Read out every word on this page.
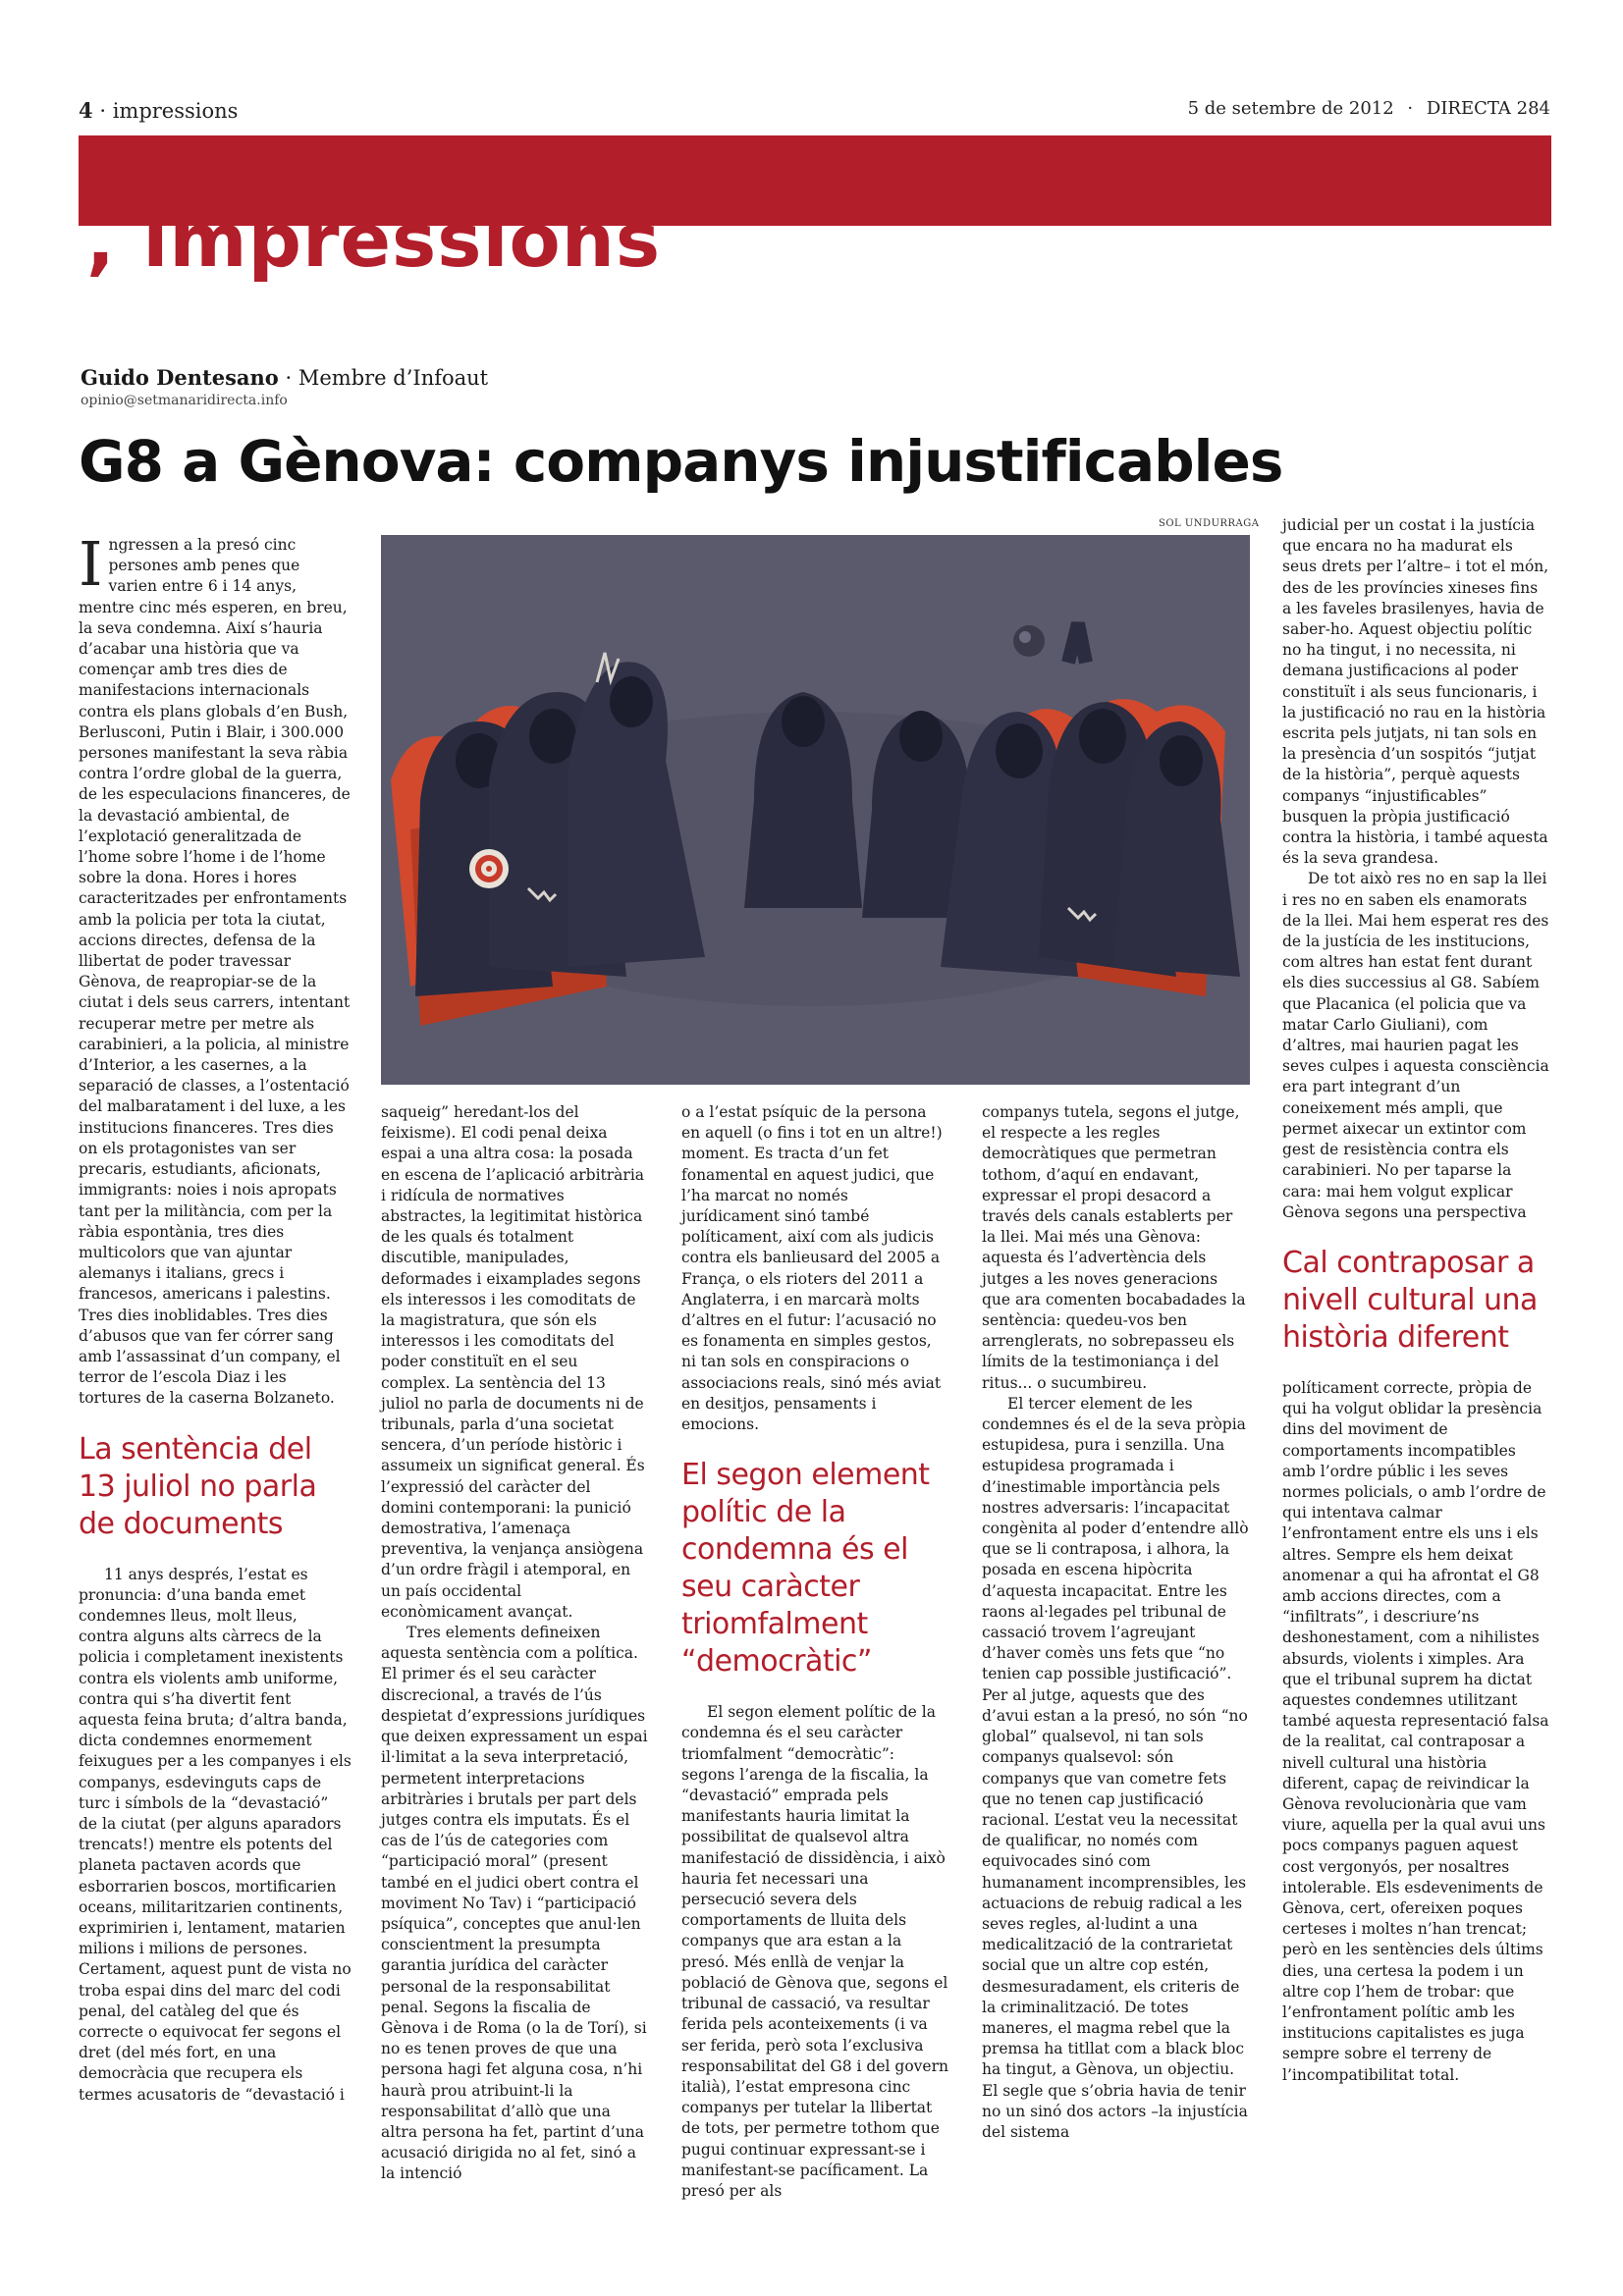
4 · impressions	5 de setembre de 2012 · DIRECTA 284
, impressions
Guido Dentesano · Membre d’Infoaut
opinio@setmanaridirecta.info
G8 a Gènova: companys injustificables
SOL UNDURRAGA

Ingressen a la presó cinc persones amb penes que varien entre 6 i 14 anys, mentre cinc més esperen, en breu, la seva condemna. Així s’hauria d’acabar una història que va començar amb tres dies de manifestacions internacionals contra els plans globals d’en Bush, Berlusconi, Putin i Blair, i 300.000 persones manifestant la seva ràbia contra l’ordre global de la guerra, de les especulacions financeres, de la devastació ambiental, de l’explotació generalitzada de l’home sobre l’home i de l’home sobre la dona. Hores i hores caracteritzades per enfrontaments amb la policia per tota la ciutat, accions directes, defensa de la llibertat de poder travessar Gènova, de reapropiar-se de la ciutat i dels seus carrers, intentant recuperar metre per metre als carabinieri, a la policia, al ministre d’Interior, a les casernes, a la separació de classes, a l’ostentació del malbaratament i del luxe, a les institucions financeres. Tres dies on els protagonistes van ser precaris, estudiants, aficionats, immigrants: noies i nois apropats tant per la militància, com per la ràbia espontània, tres dies multicolors que van ajuntar alemanys i italians, grecs i francesos, americans i palestins. Tres dies inoblidables. Tres dies d’abusos que van fer córrer sang amb l’assassinat d’un company, el terror de l’escola Diaz i les tortures de la caserna Bolzaneto.

La sentència del 13 juliol no parla de documents

11 anys després, l’estat es pronuncia: d’una banda emet condemnes lleus, molt lleus, contra alguns alts càrrecs de la policia i completament inexistents contra els violents amb uniforme, contra qui s’ha divertit fent aquesta feina bruta; d’altra banda, dicta condemnes enormement feixugues per a les companyes i els companys, esdevinguts caps de turc i símbols de la “devastació” de la ciutat (per alguns aparadors trencats!) mentre els potents del planeta pactaven acords que esborrarien boscos, mortificarien oceans, militaritzarien continents, exprimirien i, lentament, matarien milions i milions de persones. Certament, aquest punt de vista no troba espai dins del marc del codi penal, del catàleg del que és correcte o equivocat fer segons el dret (del més fort, en una democràcia que recupera els termes acusatoris de “devastació i

saqueig” heredant-los del feixisme). El codi penal deixa espai a una altra cosa: la posada en escena de l’aplicació arbitrària i ridícula de normatives abstractes, la legitimitat històrica de les quals és totalment discutible, manipulades, deformades i eixamplades segons els interessos i les comoditats de la magistratura, que són els interessos i les comoditats del poder constituït en el seu complex. La sentència del 13 juliol no parla de documents ni de tribunals, parla d’una societat sencera, d’un període històric i assumeix un significat general. És l’expressió del caràcter del domini contemporani: la punició demostrativa, l’amenaça preventiva, la venjança ansiògena d’un ordre fràgil i atemporal, en un país occidental econòmicament avançat.

Tres elements defineixen aquesta sentència com a política. El primer és el seu caràcter discrecional, a través de l’ús despietat d’expressions jurídiques que deixen expressament un espai il·limitat a la seva interpretació, permetent interpretacions arbitràries i brutals per part dels jutges contra els imputats. És el cas de l’ús de categories com “participació moral” (present també en el judici obert contra el moviment No Tav) i “participació psíquica”, conceptes que anul·len conscientment la presumpta garantia jurídica del caràcter personal de la responsabilitat penal. Segons la fiscalia de Gènova i de Roma (o la de Torí), si no es tenen proves de que una persona hagi fet alguna cosa, n’hi haurà prou atribuint-li la responsabilitat d’allò que una altra persona ha fet, partint d’una acusació dirigida no al fet, sinó a la intenció

o a l’estat psíquic de la persona en aquell (o fins i tot en un altre!) moment. Es tracta d’un fet fonamental en aquest judici, que l’ha marcat no només jurídicament sinó també políticament, així com als judicis contra els banlieusard del 2005 a França, o els rioters del 2011 a Anglaterra, i en marcarà molts d’altres en el futur: l’acusació no es fonamenta en simples gestos, ni tan sols en conspiracions o associacions reals, sinó més aviat en desitjos, pensaments i emocions.

El segon element polític de la condemna és el seu caràcter triomfalment “democràtic”

El segon element polític de la condemna és el seu caràcter triomfalment “democràtic”: segons l’arenga de la fiscalia, la “devastació” emprada pels manifestants hauria limitat la possibilitat de qualsevol altra manifestació de dissidència, i això hauria fet necessari una persecució severa dels comportaments de lluita dels companys que ara estan a la presó. Més enllà de venjar la població de Gènova que, segons el tribunal de cassació, va resultar ferida pels aconteixements (i va ser ferida, però sota l’exclusiva responsabilitat del G8 i del govern italià), l’estat empresona cinc companys per tutelar la llibertat de tots, per permetre tothom que pugui continuar expressant-se i manifestant-se pacíficament. La presó per als

companys tutela, segons el jutge, el respecte a les regles democràtiques que permetran tothom, d’aquí en endavant, expressar el propi desacord a través dels canals establerts per la llei. Mai més una Gènova: aquesta és l’advertència dels jutges a les noves generacions que ara comenten bocabadades la sentència: quedeu-vos ben arrenglerats, no sobrepasseu els límits de la testimoniança i del ritus... o sucumbireu.

El tercer element de les condemnes és el de la seva pròpia estupidesa, pura i senzilla. Una estupidesa programada i d’inestimable importància pels nostres adversaris: l’incapacitat congènita al poder d’entendre allò que se li contraposa, i alhora, la posada en escena hipòcrita d’aquesta incapacitat. Entre les raons al·legades pel tribunal de cassació trovem l’agreujant d’haver comès uns fets que “no tenien cap possible justificació”. Per al jutge, aquests que des d’avui estan a la presó, no són “no global” qualsevol, ni tan sols companys qualsevol: són companys que van cometre fets que no tenen cap justificació racional. L’estat veu la necessitat de qualificar, no només com equivocades sinó com humanament incomprensibles, les actuacions de rebuig radical a les seves regles, al·ludint a una medicalització de la contrarietat social que un altre cop estén, desmesuradament, els criteris de la criminalització. De totes maneres, el magma rebel que la premsa ha titllat com a black bloc ha tingut, a Gènova, un objectiu. El segle que s’obria havia de tenir no un sinó dos actors –la injustícia del sistema

judicial per un costat i la justícia que encara no ha madurat els seus drets per l’altre– i tot el món, des de les províncies xineses fins a les faveles brasilenyes, havia de saber-ho. Aquest objectiu polític no ha tingut, i no necessita, ni demana justificacions al poder constituït i als seus funcionaris, i la justificació no rau en la història escrita pels jutjats, ni tan sols en la presència d’un sospitós “jutjat de la història”, perquè aquests companys “injustificables” busquen la pròpia justificació contra la història, i també aquesta és la seva grandesa.

De tot això res no en sap la llei i res no en saben els enamorats de la llei. Mai hem esperat res des de la justícia de les institucions, com altres han estat fent durant els dies successius al G8. Sabíem que Placanica (el policia que va matar Carlo Giuliani), com d’altres, mai haurien pagat les seves culpes i aquesta consciència era part integrant d’un coneixement més ampli, que permet aixecar un extintor com gest de resistència contra els carabinieri. No per taparse la cara: mai hem volgut explicar Gènova segons una perspectiva

Cal contraposar a nivell cultural una història diferent

políticament correcte, pròpia de qui ha volgut oblidar la presència dins del moviment de comportaments incompatibles amb l’ordre públic i les seves normes policials, o amb l’ordre de qui intentava calmar l’enfrontament entre els uns i els altres. Sempre els hem deixat anomenar a qui ha afrontat el G8 amb accions directes, com a “infiltrats”, i descriure’ns deshonestament, com a nihilistes absurds, violents i ximples. Ara que el tribunal suprem ha dictat aquestes condemnes utilitzant també aquesta representació falsa de la realitat, cal contraposar a nivell cultural una història diferent, capaç de reivindicar la Gènova revolucionària que vam viure, aquella per la qual avui uns pocs companys paguen aquest cost vergonyós, per nosaltres intolerable. Els esdeveniments de Gènova, cert, ofereixen poques certeses i moltes n’han trencat; però en les sentències dels últims dies, una certesa la podem i un altre cop l’hem de trobar: que l’enfrontament polític amb les institucions capitalistes es juga sempre sobre el terreny de l’incompatibilitat total.
